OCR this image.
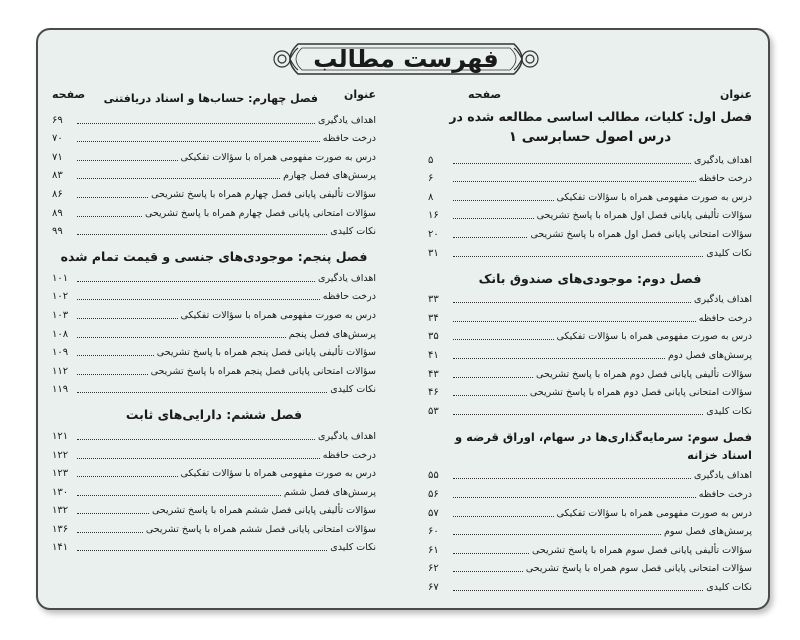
فهرست مطالب
عنوان
صفحه
فصل اول: کلیات، مطالب اساسی مطالعه شده در
درس اصول حسابرسی ۱
اهداف یادگیری
۵
درخت حافظه
۶
درس به صورت مفهومی همراه با سؤالات تفکیکی
۸
سؤالات تألیفی پایانی فصل اول همراه با پاسخ تشریحی
۱۶
سؤالات امتحانی پایانی فصل اول همراه با پاسخ تشریحی
۲۰
نکات کلیدی
۳۱
فصل دوم: موجودی‌های صندوق بانک
اهداف یادگیری
۳۳
درخت حافظه
۳۴
درس به صورت مفهومی همراه با سؤالات تفکیکی
۳۵
پرسش‌های فصل دوم
۴۱
سؤالات تألیفی پایانی فصل دوم همراه با پاسخ تشریحی
۴۳
سؤالات امتحانی پایانی فصل دوم همراه با پاسخ تشریحی
۴۶
نکات کلیدی
۵۳
فصل سوم: سرمایه‌گذاری‌ها در سهام، اوراق قرضه و اسناد خزانه
اهداف یادگیری
۵۵
درخت حافظه
۵۶
درس به صورت مفهومی همراه با سؤالات تفکیکی
۵۷
پرسش‌های فصل سوم
۶۰
سؤالات تألیفی پایانی فصل سوم همراه با پاسخ تشریحی
۶۱
سؤالات امتحانی پایانی فصل سوم همراه با پاسخ تشریحی
۶۲
نکات کلیدی
۶۷
عنوان
صفحه	فصل چهارم: حساب‌ها و اسناد دریافتنی
اهداف یادگیری
۶۹
درخت حافظه
۷۰
درس به صورت مفهومی همراه با سؤالات تفکیکی
۷۱
پرسش‌های فصل چهارم
۸۳
سؤالات تألیفی پایانی فصل چهارم همراه با پاسخ تشریحی
۸۶
سؤالات امتحانی پایانی فصل چهارم همراه با پاسخ تشریحی
۸۹
نکات کلیدی
۹۹
فصل پنجم: موجودی‌های جنسی و قیمت تمام شده
اهداف یادگیری
۱۰۱
درخت حافظه
۱۰۲
درس به صورت مفهومی همراه با سؤالات تفکیکی
۱۰۳
پرسش‌های فصل پنجم
۱۰۸
سؤالات تألیفی پایانی فصل پنجم همراه با پاسخ تشریحی
۱۰۹
سؤالات امتحانی پایانی فصل پنجم همراه با پاسخ تشریحی
۱۱۲
نکات کلیدی
۱۱۹
فصل ششم: دارایی‌های ثابت
اهداف یادگیری
۱۲۱
درخت حافظه
۱۲۲
درس به صورت مفهومی همراه با سؤالات تفکیکی
۱۲۳
پرسش‌های فصل ششم
۱۳۰
سؤالات تألیفی پایانی فصل ششم همراه با پاسخ تشریحی
۱۳۲
سؤالات امتحانی پایانی فصل ششم همراه با پاسخ تشریحی
۱۳۶
نکات کلیدی
۱۴۱
